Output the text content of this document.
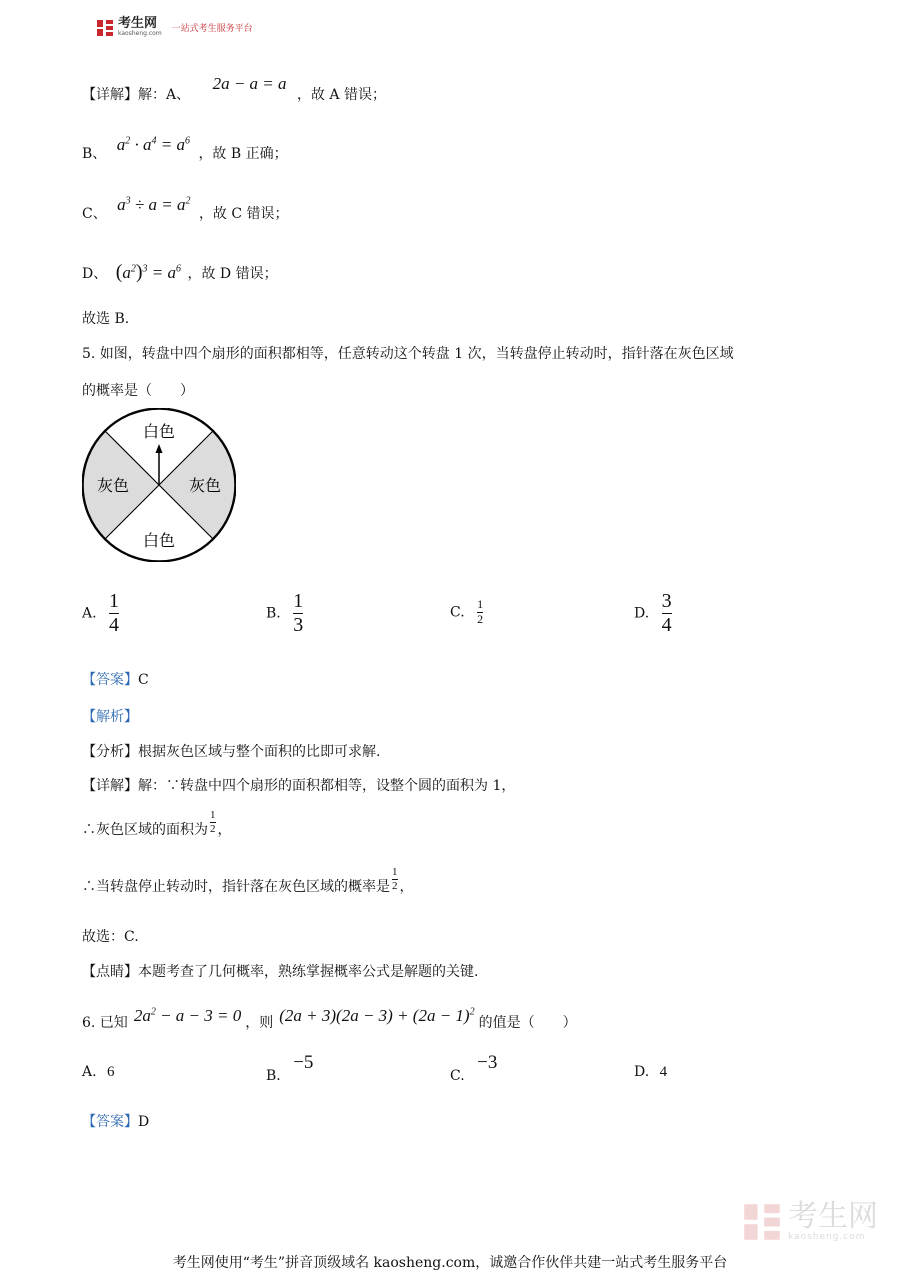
考生网
kaosheng.com 一站式考生服务平台
【详解】解：A、 2a − a = a ，故 A 错误；
B、 $a^2 \cdot a^4 = a^6$ ，故 B 正确；
C、 $a^3 \div a = a^2$ ，故 C 错误；
D、 $(a^2)^3 = a^6$ ，故 D 错误；
故选 B.
5. 如图，转盘中四个扇形的面积都相等，任意转动这个转盘 1 次，当转盘停止转动时，指针落在灰色区域
的概率是（　　）
白色
灰色	灰色
白色
A. $\frac{1}{4}$	B. $\frac{1}{3}$	C. $\frac{1}{2}$	D. $\frac{3}{4}$
【答案】C
【解析】
【分析】根据灰色区域与整个面积的比即可求解.
【详解】解：∵转盘中四个扇形的面积都相等，设整个圆的面积为 1，
∴灰色区域的面积为 $\frac{1}{2}$ ，
∴当转盘停止转动时，指针落在灰色区域的概率是 $\frac{1}{2}$ ，
故选：C.
【点睛】本题考查了几何概率，熟练掌握概率公式是解题的关键.
6. 已知 $2a^2 - a - 3 = 0$ ，则 $(2a + 3)(2a - 3) + (2a - 1)^2$
的值是（　　）
A. 6	B. −5
C. −3	D. 4
【答案】D
考生网
kaosheng.com
考生网使用“考生”拼音顶级域名 kaosheng.com，诚邀合作伙伴共建一站式考生服务平台
